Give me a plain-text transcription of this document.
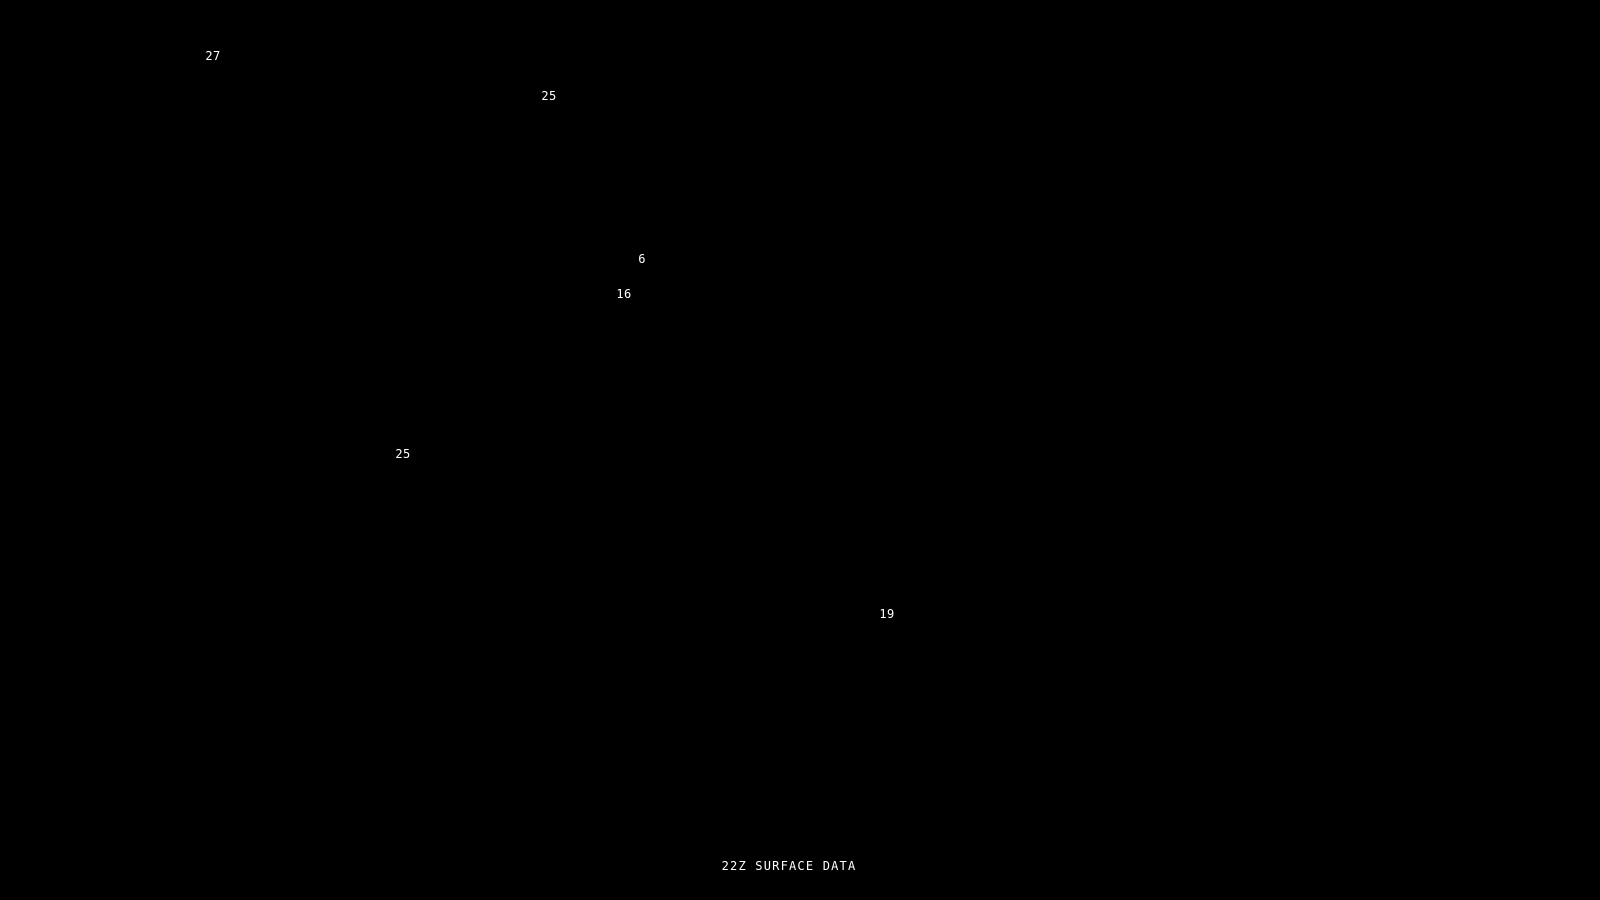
27
25
6
16
25
19
22Z SURFACE DATA
